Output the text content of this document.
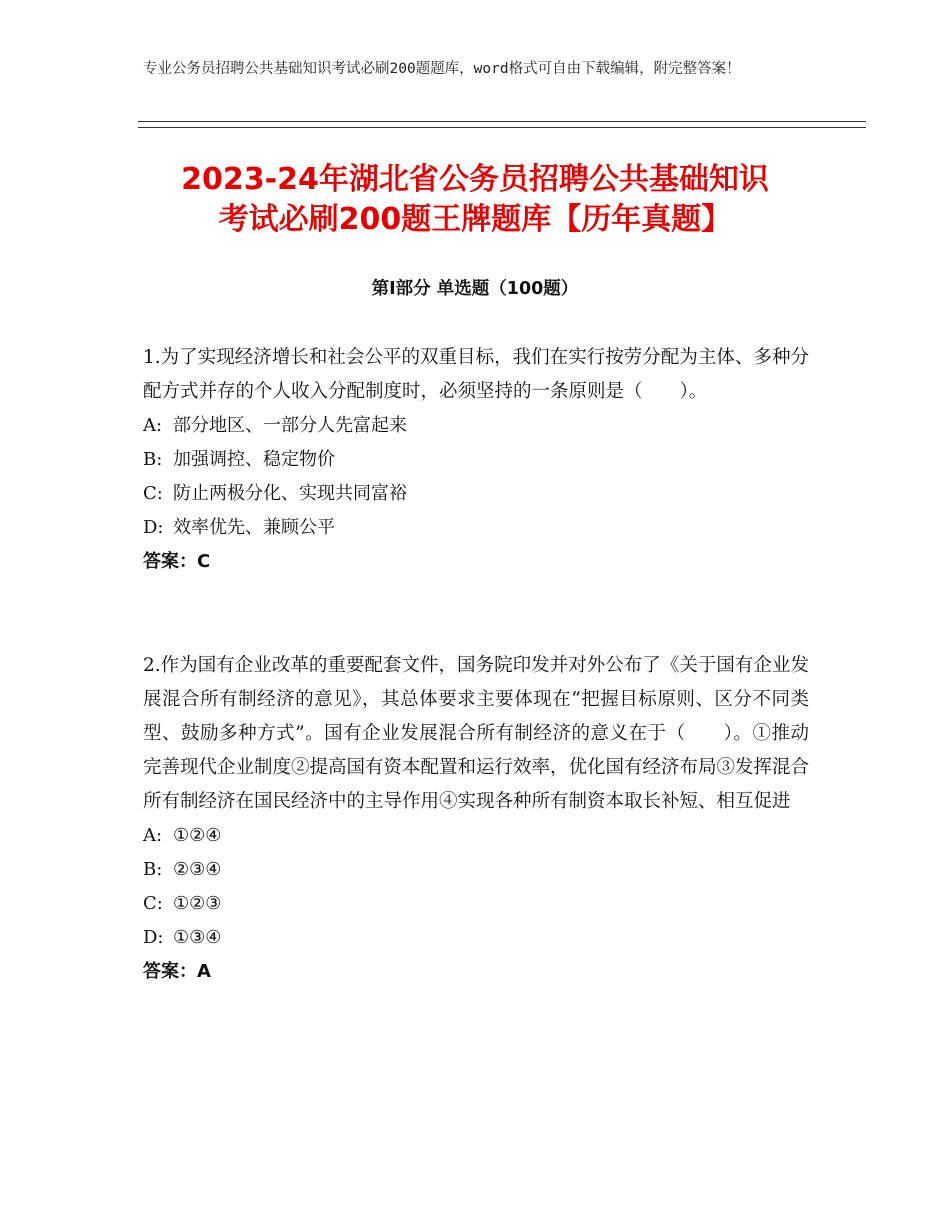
专业公务员招聘公共基础知识考试必刷200题题库，word格式可自由下载编辑，附完整答案！
2023-24年湖北省公务员招聘公共基础知识
考试必刷200题王牌题库【历年真题】
第Ⅰ部分 单选题（100题）

1.为了实现经济增长和社会公平的双重目标，我们在实行按劳分配为主体、多种分配方式并存的个人收入分配制度时，必须坚持的一条原则是（　　）。

A: 部分地区、一部分人先富起来

B: 加强调控、稳定物价

C: 防止两极分化、实现共同富裕

D: 效率优先、兼顾公平

答案：C

2.作为国有企业改革的重要配套文件，国务院印发并对外公布了《关于国有企业发展混合所有制经济的意见》，其总体要求主要体现在“把握目标原则、区分不同类型、鼓励多种方式”。国有企业发展混合所有制经济的意义在于（　　）。①推动完善现代企业制度②提高国有资本配置和运行效率，优化国有经济布局③发挥混合所有制经济在国民经济中的主导作用④实现各种所有制资本取长补短、相互促进

A: ①②④

B: ②③④

C: ①②③

D: ①③④

答案：A
